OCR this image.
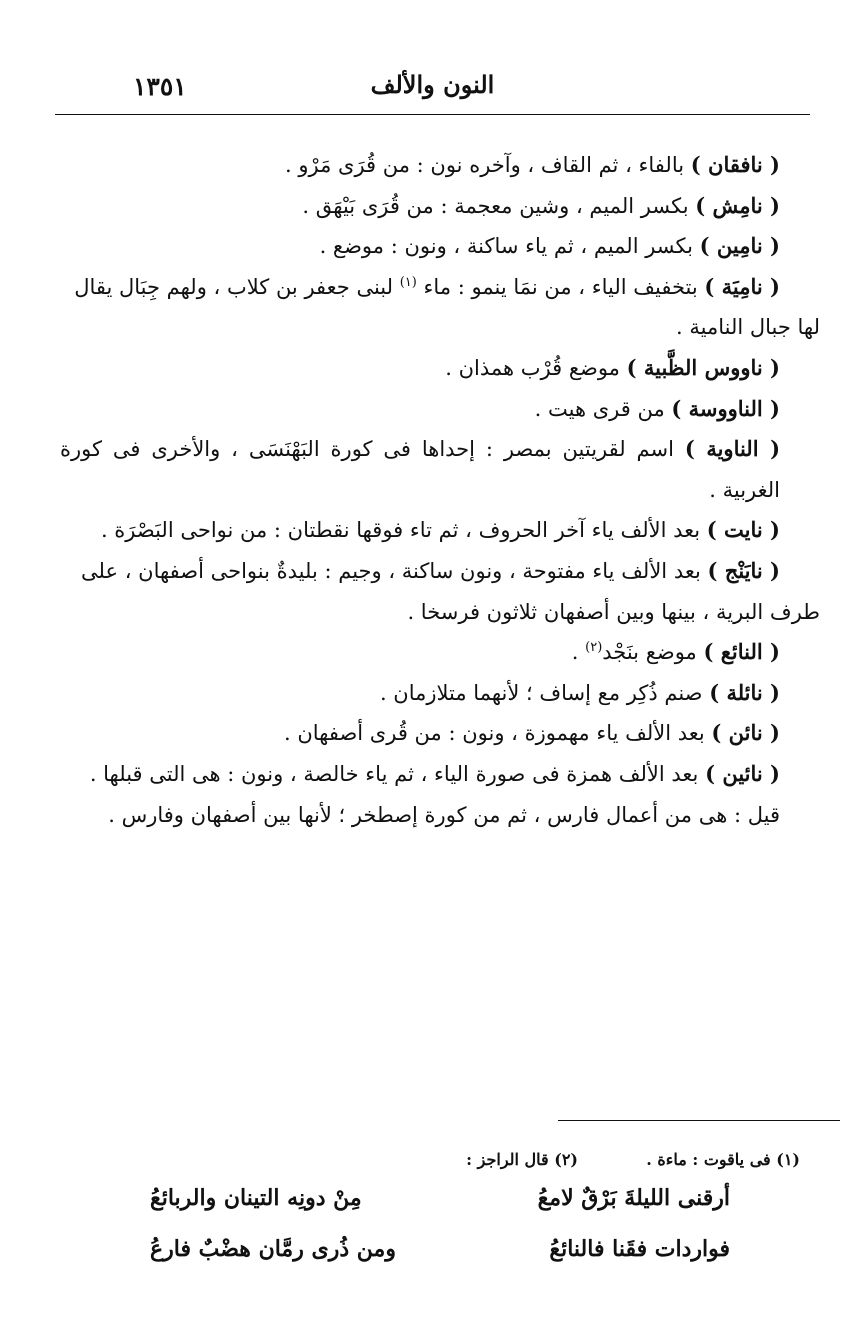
النون والألف
١٣٥١

( نافقان ) بالفاء ، ثم القاف ، وآخره نون : من قُرَى مَرْو .

( نامِش ) بكسر الميم ، وشين معجمة : من قُرَى بَيْهَق .

( نامِين ) بكسر الميم ، ثم ياء ساكنة ، ونون : موضع .

( نامِيَة ) بتخفيف الياء ، من نمَا ينمو : ماء $^{(١)}$ لبنى جعفر بن كلاب ، ولهم جِبَال يقال

لها جبال النامية .

( ناووس الظَّبية ) موضع قُرْب همذان .

( الناووسة ) من قرى هيت .

( الناوية ) اسم لقريتين بمصر : إحداها فى كورة البَهْنَسَى ، والأخرى فى كورة الغربية .

( نايت ) بعد الألف ياء آخر الحروف ، ثم تاء فوقها نقطتان : من نواحى البَصْرَة .

( نايَنْج ) بعد الألف ياء مفتوحة ، ونون ساكنة ، وجيم : بليدةٌ بنواحى أصفهان ، على

طرف البرية ، بينها وبين أصفهان ثلاثون فرسخا .

( النائع ) موضع بنَجْد$^{(٢)}$ .

( نائلة ) صنم ذُكِر مع إساف ؛ لأنهما متلازمان .

( نائن ) بعد الألف ياء مهموزة ، ونون : من قُرى أصفهان .

( نائين ) بعد الألف همزة فى صورة الياء ، ثم ياء خالصة ، ونون : هى التى قبلها .

قيل : هى من أعمال فارس ، ثم من كورة إصطخر ؛ لأنها بين أصفهان وفارس .

(١) فى ياقوت : ماءة .
(٢) قال الراجز :
أرقنى الليلةَ بَرْقٌ لامعُ
مِنْ دونِه التينان والربائعُ
فواردات فقَنا فالنائعُ
ومن ذُرى رمَّان هضْبٌ فارعُ
